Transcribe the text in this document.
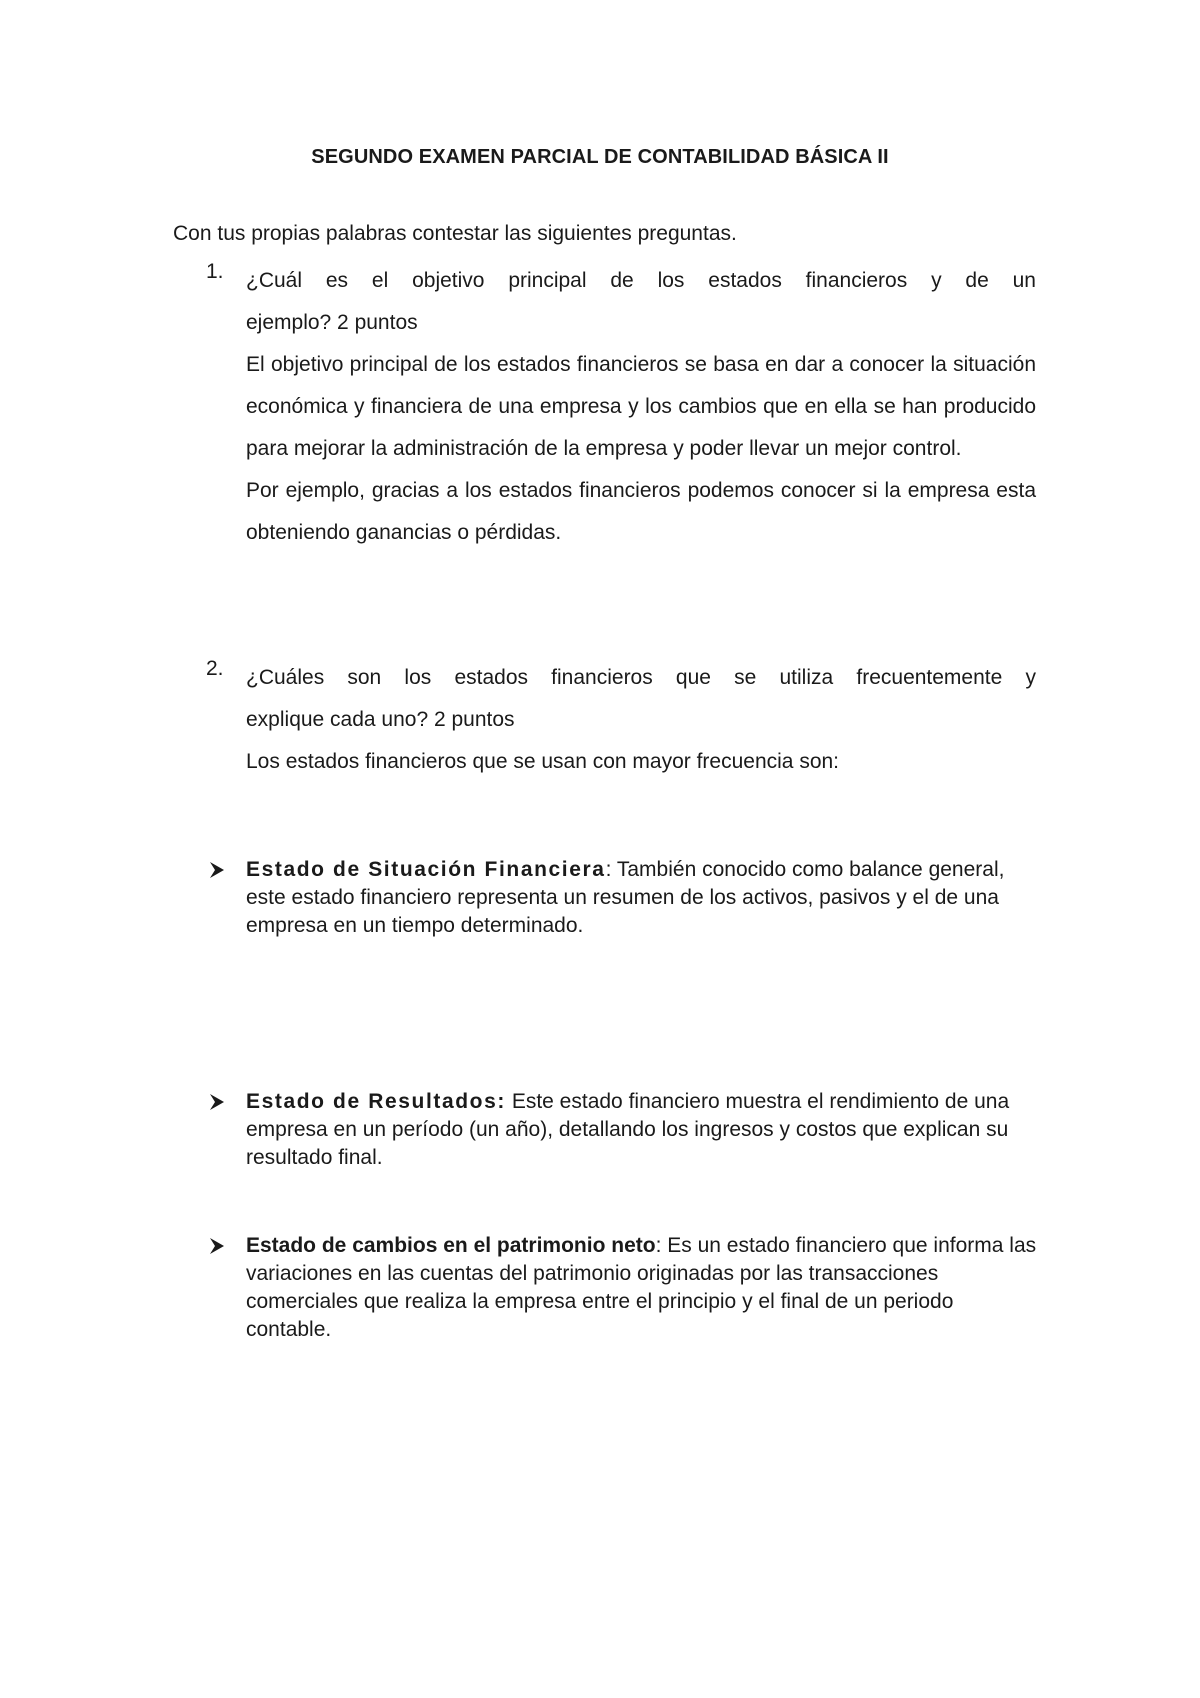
SEGUNDO EXAMEN PARCIAL DE CONTABILIDAD BÁSICA II
Con tus propias palabras contestar las siguientes preguntas.
1. ¿Cuál es el objetivo principal de los estados financieros y de un

ejemplo? 2 puntos

El objetivo principal de los estados financieros se basa en dar a conocer la situación económica y financiera de una empresa y los cambios que en ella se han producido para mejorar la administración de la empresa y poder llevar un mejor control.

Por ejemplo, gracias a los estados financieros podemos conocer si la empresa esta obteniendo ganancias o pérdidas.

2. ¿Cuáles son los estados financieros que se utiliza frecuentemente y

explique cada uno? 2 puntos

Los estados financieros que se usan con mayor frecuencia son:

Estado de Situación Financiera: También conocido como balance general, este estado financiero representa un resumen de los activos, pasivos y el de una empresa en un tiempo determinado.
Estado de Resultados: Este estado financiero muestra el rendimiento de una empresa en un período (un año), detallando los ingresos y costos que explican su resultado final.
Estado de cambios en el patrimonio neto: Es un estado financiero que informa las variaciones en las cuentas del patrimonio originadas por las transacciones comerciales que realiza la empresa entre el principio y el final de un periodo contable.
